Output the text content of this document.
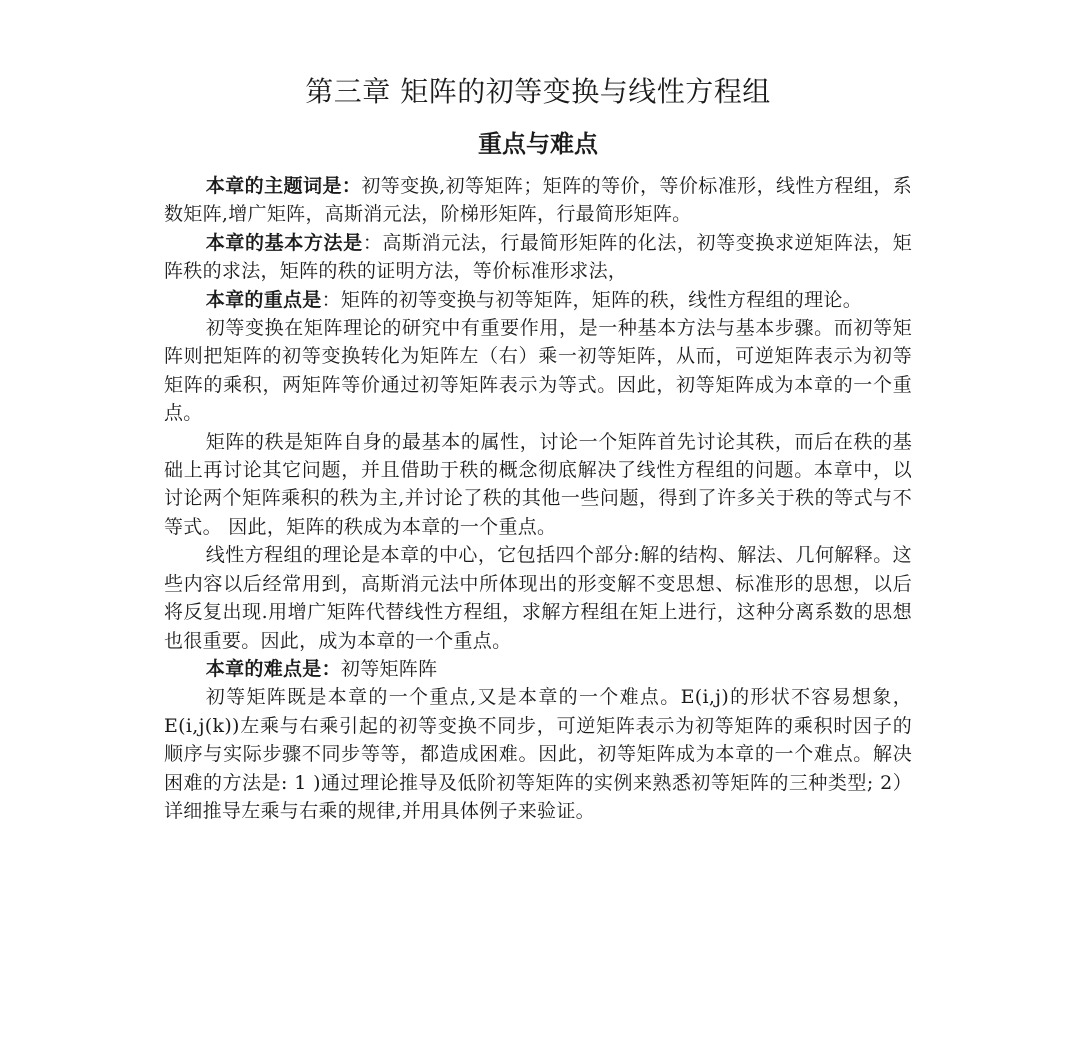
第三章 矩阵的初等变换与线性方程组
重点与难点

本章的主题词是：初等变换,初等矩阵；矩阵的等价，等价标准形，线性方程组，系数矩阵,增广矩阵，高斯消元法，阶梯形矩阵，行最简形矩阵。

本章的基本方法是：高斯消元法，行最简形矩阵的化法，初等变换求逆矩阵法，矩阵秩的求法，矩阵的秩的证明方法，等价标准形求法，

本章的重点是：矩阵的初等变换与初等矩阵，矩阵的秩，线性方程组的理论。

初等变换在矩阵理论的研究中有重要作用，是一种基本方法与基本步骤。而初等矩阵则把矩阵的初等变换转化为矩阵左（右）乘一初等矩阵，从而，可逆矩阵表示为初等矩阵的乘积，两矩阵等价通过初等矩阵表示为等式。因此，初等矩阵成为本章的一个重点。

矩阵的秩是矩阵自身的最基本的属性，讨论一个矩阵首先讨论其秩，而后在秩的基础上再讨论其它问题，并且借助于秩的概念彻底解决了线性方程组的问题。本章中，以讨论两个矩阵乘积的秩为主,并讨论了秩的其他一些问题，得到了许多关于秩的等式与不等式。 因此，矩阵的秩成为本章的一个重点。

线性方程组的理论是本章的中心，它包括四个部分:解的结构、解法、几何解释。这些内容以后经常用到，高斯消元法中所体现出的形变解不变思想、标准形的思想，以后将反复出现.用增广矩阵代替线性方程组，求解方程组在矩上进行，这种分离系数的思想也很重要。因此，成为本章的一个重点。

本章的难点是：初等矩阵阵

初等矩阵既是本章的一个重点,又是本章的一个难点。E(i,j)的形状不容易想象，E(i,j(k))左乘与右乘引起的初等变换不同步，可逆矩阵表示为初等矩阵的乘积时因子的顺序与实际步骤不同步等等，都造成困难。因此，初等矩阵成为本章的一个难点。解决困难的方法是: 1 )通过理论推导及低阶初等矩阵的实例来熟悉初等矩阵的三种类型; 2）详细推导左乘与右乘的规律,并用具体例子来验证。
